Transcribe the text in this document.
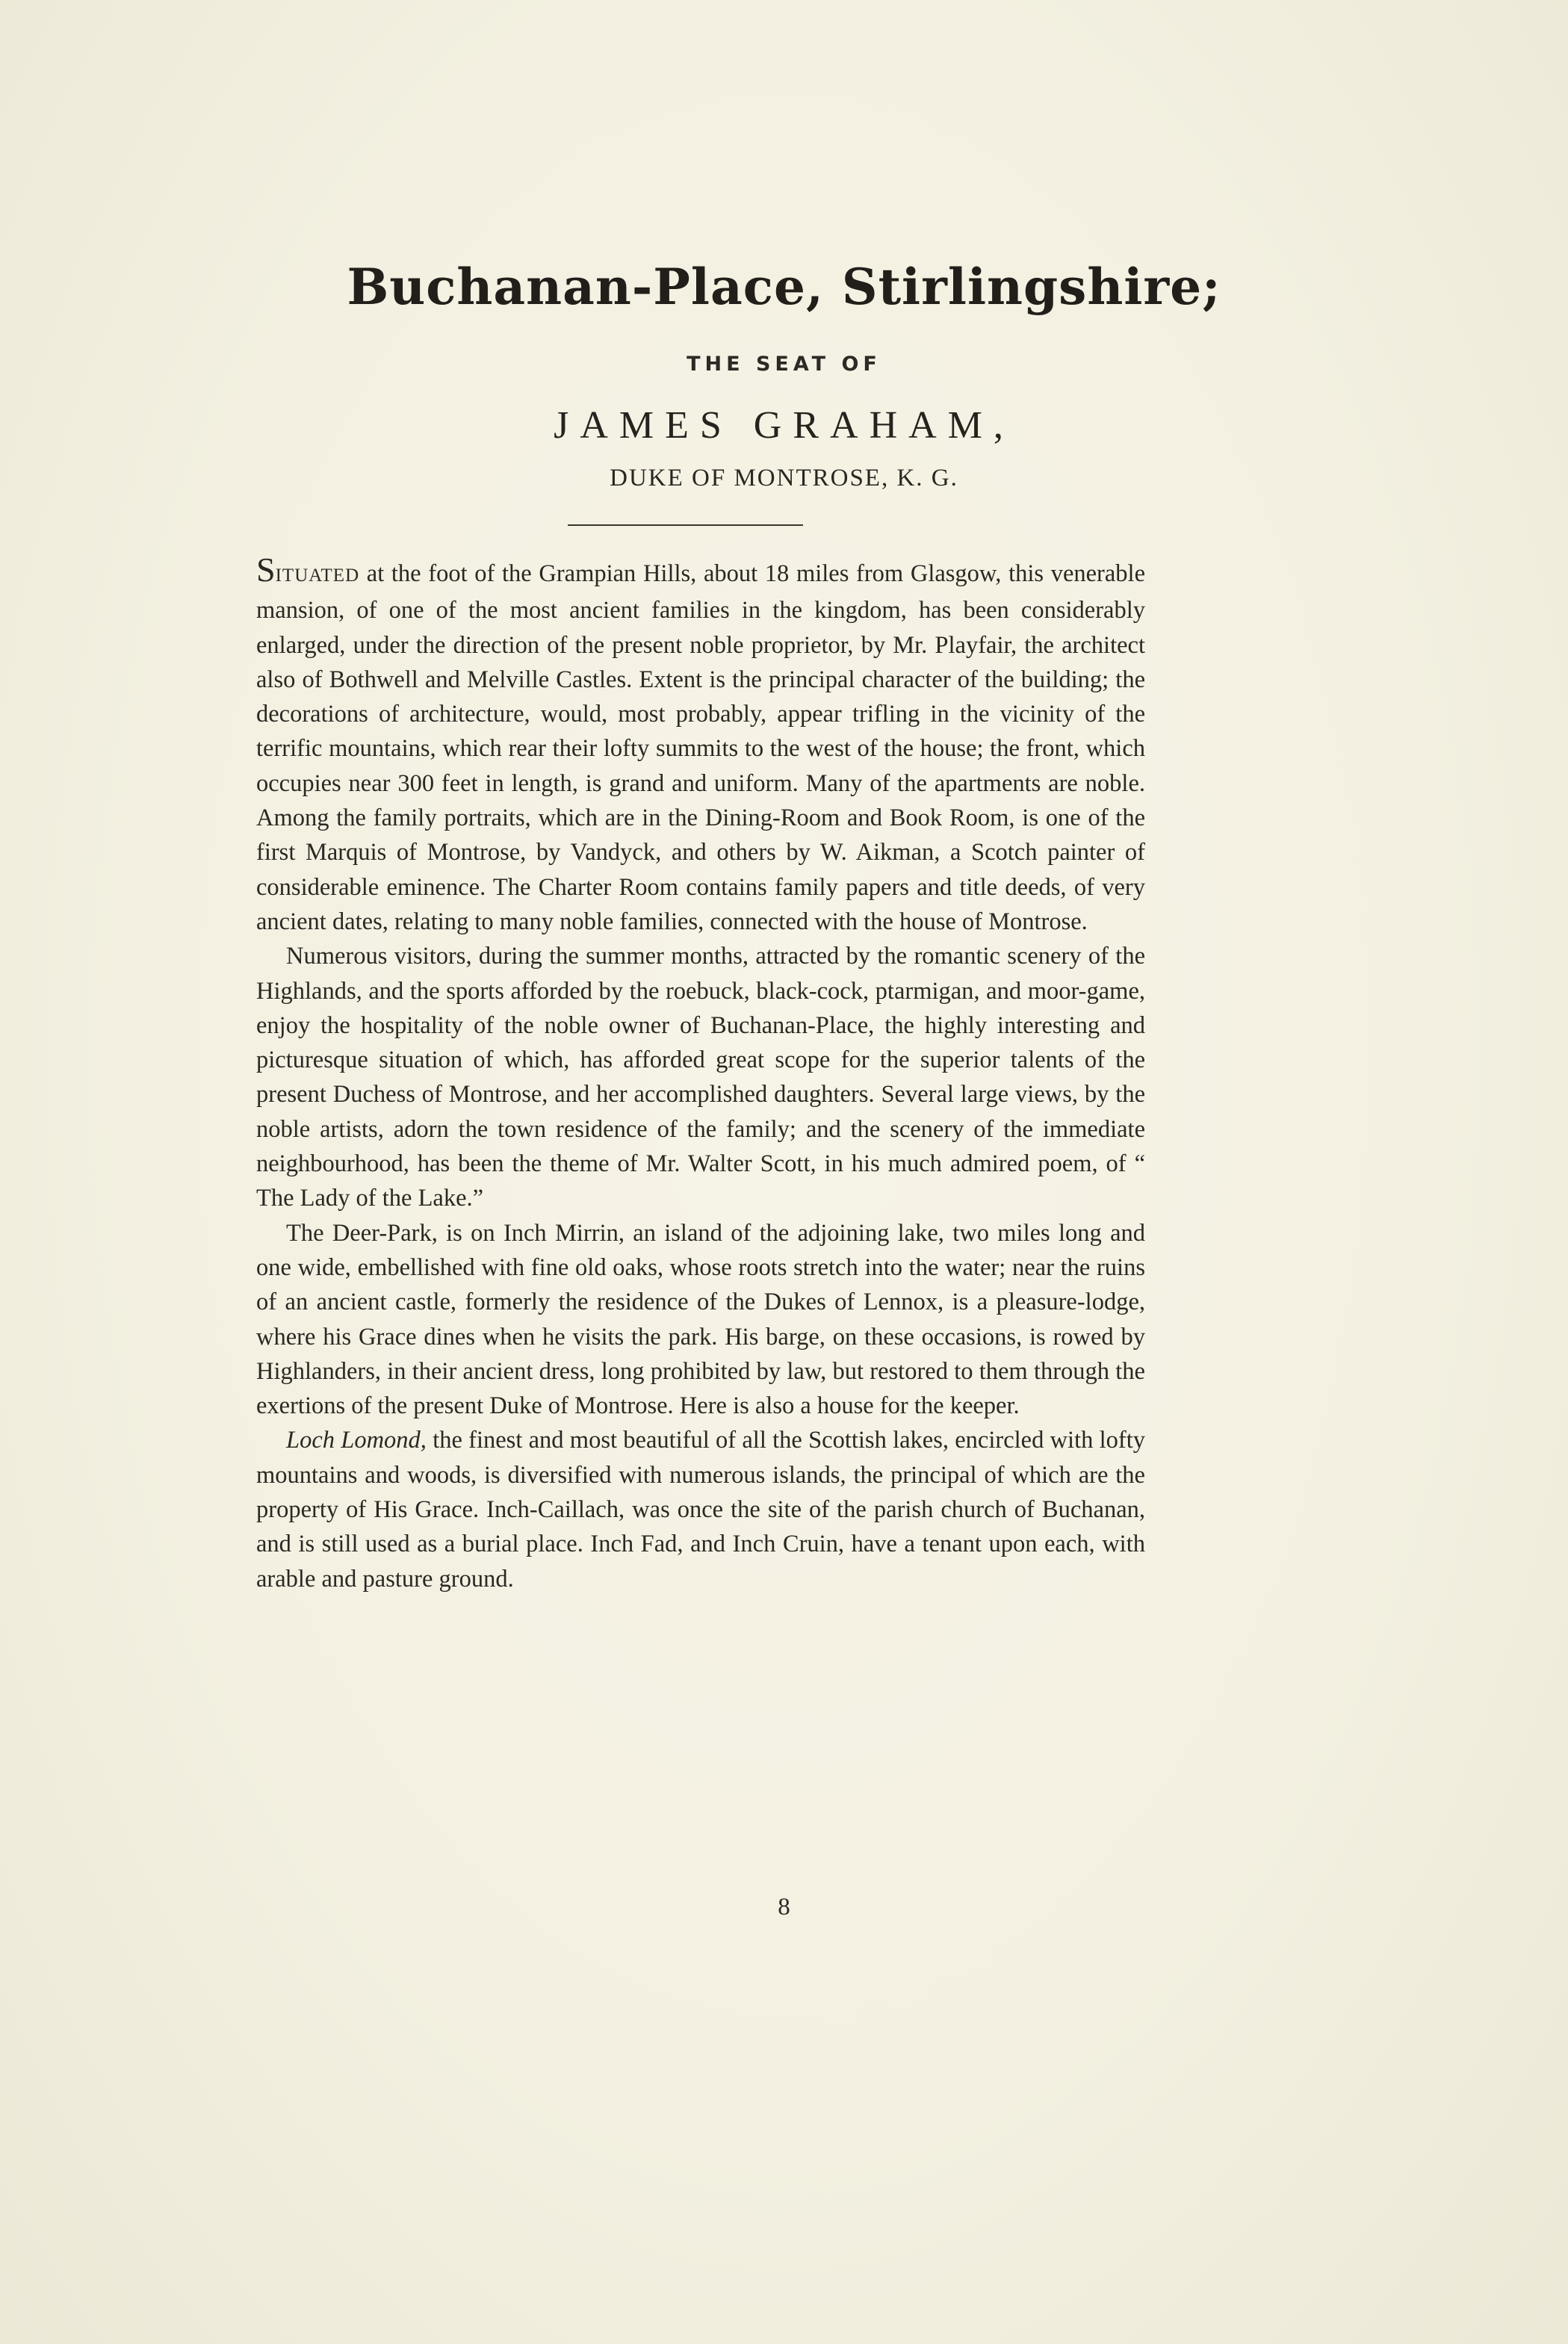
Buchanan-Place, Stirlingshire;
THE SEAT OF
JAMES GRAHAM,
DUKE OF MONTROSE, K. G.

SITUATED at the foot of the Grampian Hills, about 18 miles from Glasgow, this venerable mansion, of one of the most ancient families in the kingdom, has been considerably enlarged, under the direction of the present noble proprietor, by Mr. Playfair, the architect also of Bothwell and Melville Castles. Extent is the principal character of the building; the decorations of architecture, would, most probably, appear trifling in the vicinity of the terrific mountains, which rear their lofty summits to the west of the house; the front, which occupies near 300 feet in length, is grand and uniform. Many of the apartments are noble. Among the family portraits, which are in the Dining-Room and Book Room, is one of the first Marquis of Montrose, by Vandyck, and others by W. Aikman, a Scotch painter of considerable eminence. The Charter Room contains family papers and title deeds, of very ancient dates, relating to many noble families, connected with the house of Montrose.

Numerous visitors, during the summer months, attracted by the romantic scenery of the Highlands, and the sports afforded by the roebuck, black-cock, ptarmigan, and moor-game, enjoy the hospitality of the noble owner of Buchanan-Place, the highly interesting and picturesque situation of which, has afforded great scope for the superior talents of the present Duchess of Montrose, and her accomplished daughters. Several large views, by the noble artists, adorn the town residence of the family; and the scenery of the immediate neighbourhood, has been the theme of Mr. Walter Scott, in his much admired poem, of “ The Lady of the Lake.”

The Deer-Park, is on Inch Mirrin, an island of the adjoining lake, two miles long and one wide, embellished with fine old oaks, whose roots stretch into the water; near the ruins of an ancient castle, formerly the residence of the Dukes of Lennox, is a pleasure-lodge, where his Grace dines when he visits the park. His barge, on these occasions, is rowed by Highlanders, in their ancient dress, long prohibited by law, but restored to them through the exertions of the present Duke of Montrose. Here is also a house for the keeper.

Loch Lomond, the finest and most beautiful of all the Scottish lakes, encircled with lofty mountains and woods, is diversified with numerous islands, the principal of which are the property of His Grace. Inch-Caillach, was once the site of the parish church of Buchanan, and is still used as a burial place. Inch Fad, and Inch Cruin, have a tenant upon each, with arable and pasture ground.

8
